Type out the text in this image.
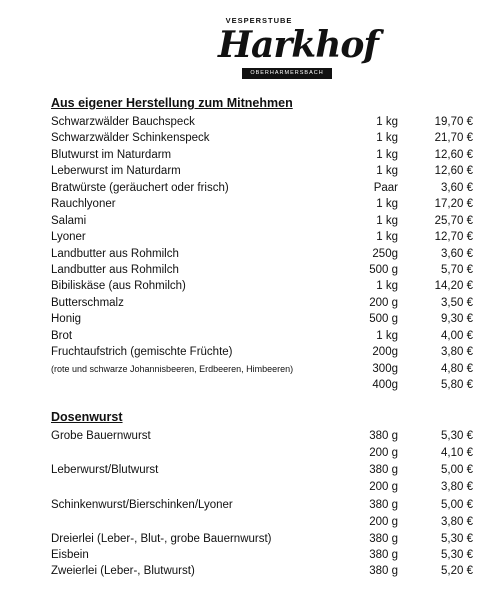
VESPERSTUBE
Harkhof
OBERHARMERSBACH
Aus eigener Herstellung zum Mitnehmen
Schwarzwälder Bauchspeck	1 kg	19,70 €
Schwarzwälder Schinkenspeck	1 kg	21,70 €
Blutwurst im Naturdarm	1 kg	12,60 €
Leberwurst im Naturdarm	1 kg	12,60 €
Bratwürste (geräuchert oder frisch)	Paar	3,60 €
Rauchlyoner	1 kg	17,20 €
Salami	1 kg	25,70 €
Lyoner	1 kg	12,70 €
Landbutter aus Rohmilch	250g	3,60 €
Landbutter aus Rohmilch	500 g	5,70 €
Bibiliskäse (aus Rohmilch)	1 kg	14,20 €
Butterschmalz	200 g	3,50 €
Honig	500 g	9,30 €
Brot	1 kg	4,00 €
Fruchtaufstrich (gemischte Früchte)	200g	3,80 €
(rote und schwarze Johannisbeeren, Erdbeeren, Himbeeren)	300g	4,80 €
400g	5,80 €
Dosenwurst
Grobe Bauernwurst	380 g	5,30 €
200 g	4,10 €
Leberwurst/Blutwurst	380 g	5,00 €
200 g	3,80 €
Schinkenwurst/Bierschinken/Lyoner	380 g	5,00 €
200 g	3,80 €
Dreierlei (Leber-, Blut-, grobe Bauernwurst)	380 g	5,30 €
Eisbein	380 g	5,30 €
Zweierlei (Leber-, Blutwurst)	380 g	5,20 €
